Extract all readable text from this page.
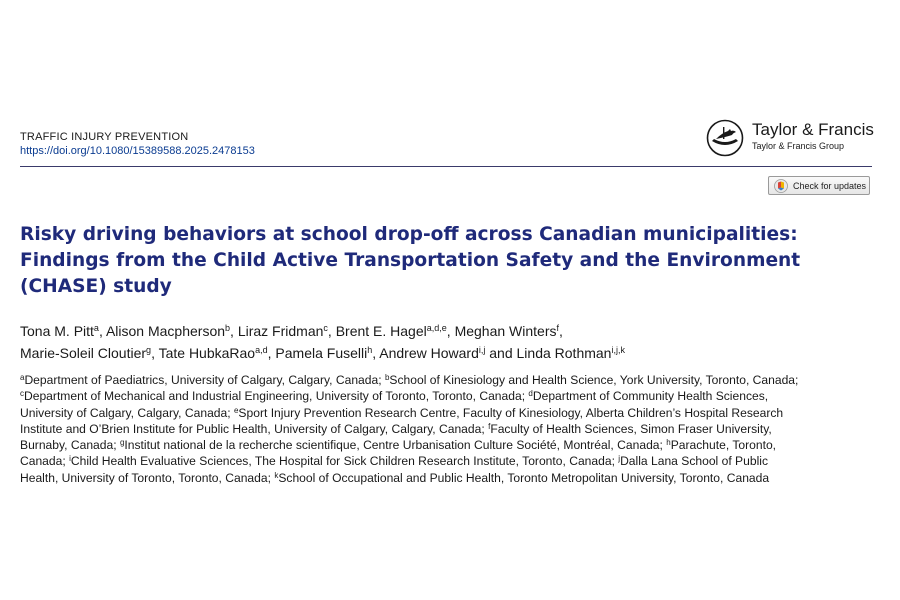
TRAFFIC INJURY PREVENTION
https://doi.org/10.1080/15389588.2025.2478153
Taylor & Francis
Taylor & Francis Group
Check for updates
Risky driving behaviors at school drop-off across Canadian municipalities:
Findings from the Child Active Transportation Safety and the Environment
(CHASE) study
Tona M. Pitt$^a$, Alison Macpherson$^b$, Liraz Fridman$^c$, Brent E. Hagel$^{a,d,e}$, Meghan Winters$^f$,
Marie-Soleil Cloutier$^g$, Tate HubkaRao$^{a,d}$, Pamela Fuselli$^h$, Andrew Howard$^{i,j}$ and Linda Rothman$^{i,j,k}$
$^a$Department of Paediatrics, University of Calgary, Calgary, Canada; $^b$School of Kinesiology and Health Science, York University, Toronto, Canada;
$^c$Department of Mechanical and Industrial Engineering, University of Toronto, Toronto, Canada; $^d$Department of Community Health Sciences,
University of Calgary, Calgary, Canada; $^e$Sport Injury Prevention Research Centre, Faculty of Kinesiology, Alberta Children’s Hospital Research
Institute and O’Brien Institute for Public Health, University of Calgary, Calgary, Canada; $^f$Faculty of Health Sciences, Simon Fraser University,
Burnaby, Canada; $^g$Institut national de la recherche scientifique, Centre Urbanisation Culture Société, Montréal, Canada; $^h$Parachute, Toronto,
Canada; $^i$Child Health Evaluative Sciences, The Hospital for Sick Children Research Institute, Toronto, Canada; $^j$Dalla Lana School of Public
Health, University of Toronto, Toronto, Canada; $^k$School of Occupational and Public Health, Toronto Metropolitan University, Toronto, Canada
